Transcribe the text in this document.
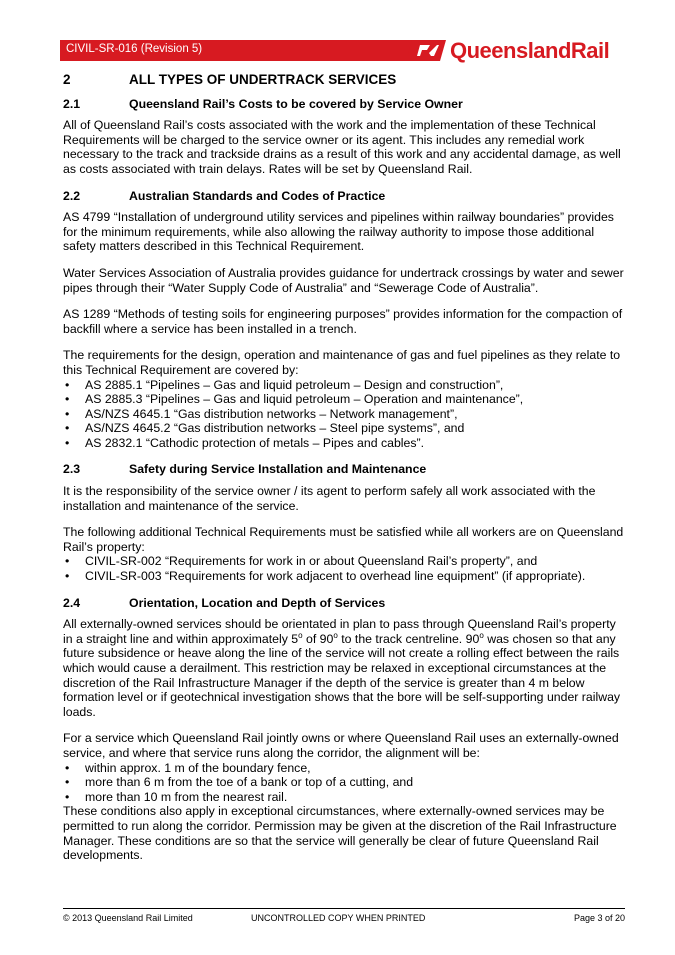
CIVIL-SR-016 (Revision 5)	QueenslandRail
2	ALL TYPES OF UNDERTRACK SERVICES
2.1	Queensland Rail’s Costs to be covered by Service Owner

All of Queensland Rail’s costs associated with the work and the implementation of these Technical Requirements will be charged to the service owner or its agent. This includes any remedial work necessary to the track and trackside drains as a result of this work and any accidental damage, as well as costs associated with train delays. Rates will be set by Queensland Rail.

2.2	Australian Standards and Codes of Practice

AS 4799 “Installation of underground utility services and pipelines within railway boundaries” provides for the minimum requirements, while also allowing the railway authority to impose those additional safety matters described in this Technical Requirement.

Water Services Association of Australia provides guidance for undertrack crossings by water and sewer pipes through their “Water Supply Code of Australia” and “Sewerage Code of Australia”.

AS 1289 “Methods of testing soils for engineering purposes” provides information for the compaction of backfill where a service has been installed in a trench.

The requirements for the design, operation and maintenance of gas and fuel pipelines as they relate to this Technical Requirement are covered by:

• AS 2885.1 “Pipelines – Gas and liquid petroleum – Design and construction”,
• AS 2885.3 “Pipelines – Gas and liquid petroleum – Operation and maintenance”,
• AS/NZS 4645.1 “Gas distribution networks – Network management”,
• AS/NZS 4645.2 “Gas distribution networks – Steel pipe systems”, and
• AS 2832.1 “Cathodic protection of metals – Pipes and cables”.
2.3	Safety during Service Installation and Maintenance

It is the responsibility of the service owner / its agent to perform safely all work associated with the installation and maintenance of the service.

The following additional Technical Requirements must be satisfied while all workers are on Queensland Rail’s property:

• CIVIL-SR-002 “Requirements for work in or about Queensland Rail’s property”, and
• CIVIL-SR-003 “Requirements for work adjacent to overhead line equipment” (if appropriate).
2.4	Orientation, Location and Depth of Services

All externally-owned services should be orientated in plan to pass through Queensland Rail’s property in a straight line and within approximately 5$^o$ of 90$^o$ to the track centreline. 90$^o$ was chosen so that any future subsidence or heave along the line of the service will not create a rolling effect between the rails which would cause a derailment. This restriction may be relaxed in exceptional circumstances at the discretion of the Rail Infrastructure Manager if the depth of the service is greater than 4 m below formation level or if geotechnical investigation shows that the bore will be self-supporting under railway loads.

For a service which Queensland Rail jointly owns or where Queensland Rail uses an externally-owned service, and where that service runs along the corridor, the alignment will be:

• within approx. 1 m of the boundary fence,
• more than 6 m from the toe of a bank or top of a cutting, and
• more than 10 m from the nearest rail.

These conditions also apply in exceptional circumstances, where externally-owned services may be permitted to run along the corridor. Permission may be given at the discretion of the Rail Infrastructure Manager. These conditions are so that the service will generally be clear of future Queensland Rail developments.

© 2013 Queensland Rail Limited	UNCONTROLLED COPY WHEN PRINTED	Page 3 of 20
